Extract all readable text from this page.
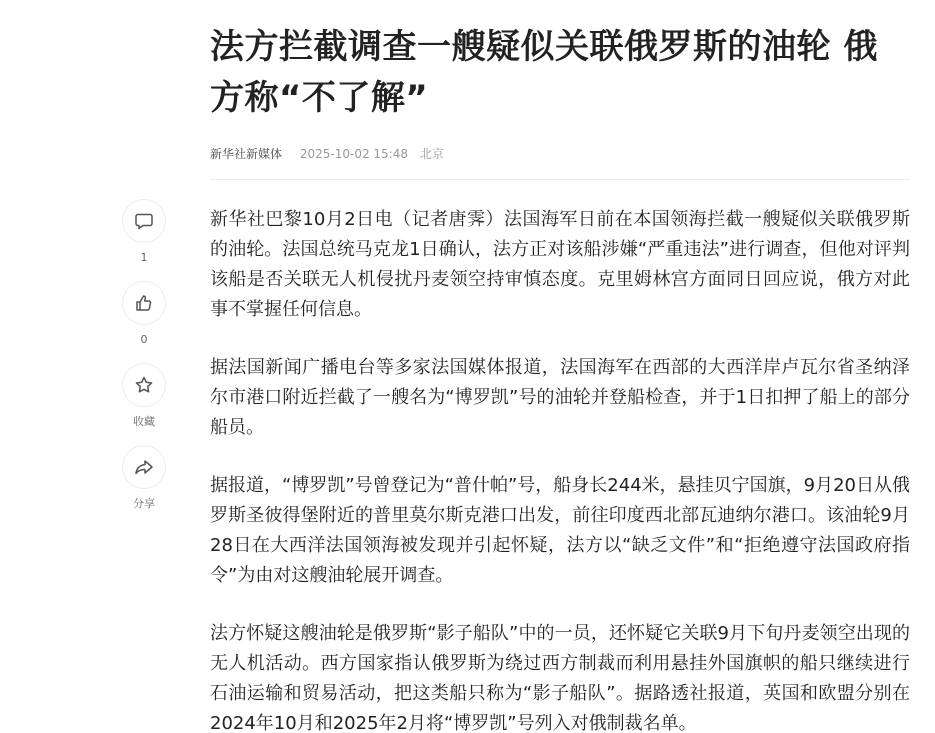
法方拦截调查一艘疑似关联俄罗斯的油轮 俄方称“不了解”
新华社新媒体 2025-10-02 15:48 北京
1
0
收藏
分享

新华社巴黎10月2日电（记者唐霁）法国海军日前在本国领海拦截一艘疑似关联俄罗斯的油轮。法国总统马克龙1日确认，法方正对该船涉嫌“严重违法”进行调查，但他对评判该船是否关联无人机侵扰丹麦领空持审慎态度。克里姆林宫方面同日回应说，俄方对此事不掌握任何信息。

据法国新闻广播电台等多家法国媒体报道，法国海军在西部的大西洋岸卢瓦尔省圣纳泽尔市港口附近拦截了一艘名为“博罗凯”号的油轮并登船检查，并于1日扣押了船上的部分船员。

据报道，“博罗凯”号曾登记为“普什帕”号，船身长244米，悬挂贝宁国旗，9月20日从俄罗斯圣彼得堡附近的普里莫尔斯克港口出发，前往印度西北部瓦迪纳尔港口。该油轮9月28日在大西洋法国领海被发现并引起怀疑，法方以“缺乏文件”和“拒绝遵守法国政府指令”为由对这艘油轮展开调查。

法方怀疑这艘油轮是俄罗斯“影子船队”中的一员，还怀疑它关联9月下旬丹麦领空出现的无人机活动。西方国家指认俄罗斯为绕过西方制裁而利用悬挂外国旗帜的船只继续进行石油运输和贸易活动，把这类船只称为“影子船队”。据路透社报道，英国和欧盟分别在2024年10月和2025年2月将“博罗凯”号列入对俄制裁名单。
